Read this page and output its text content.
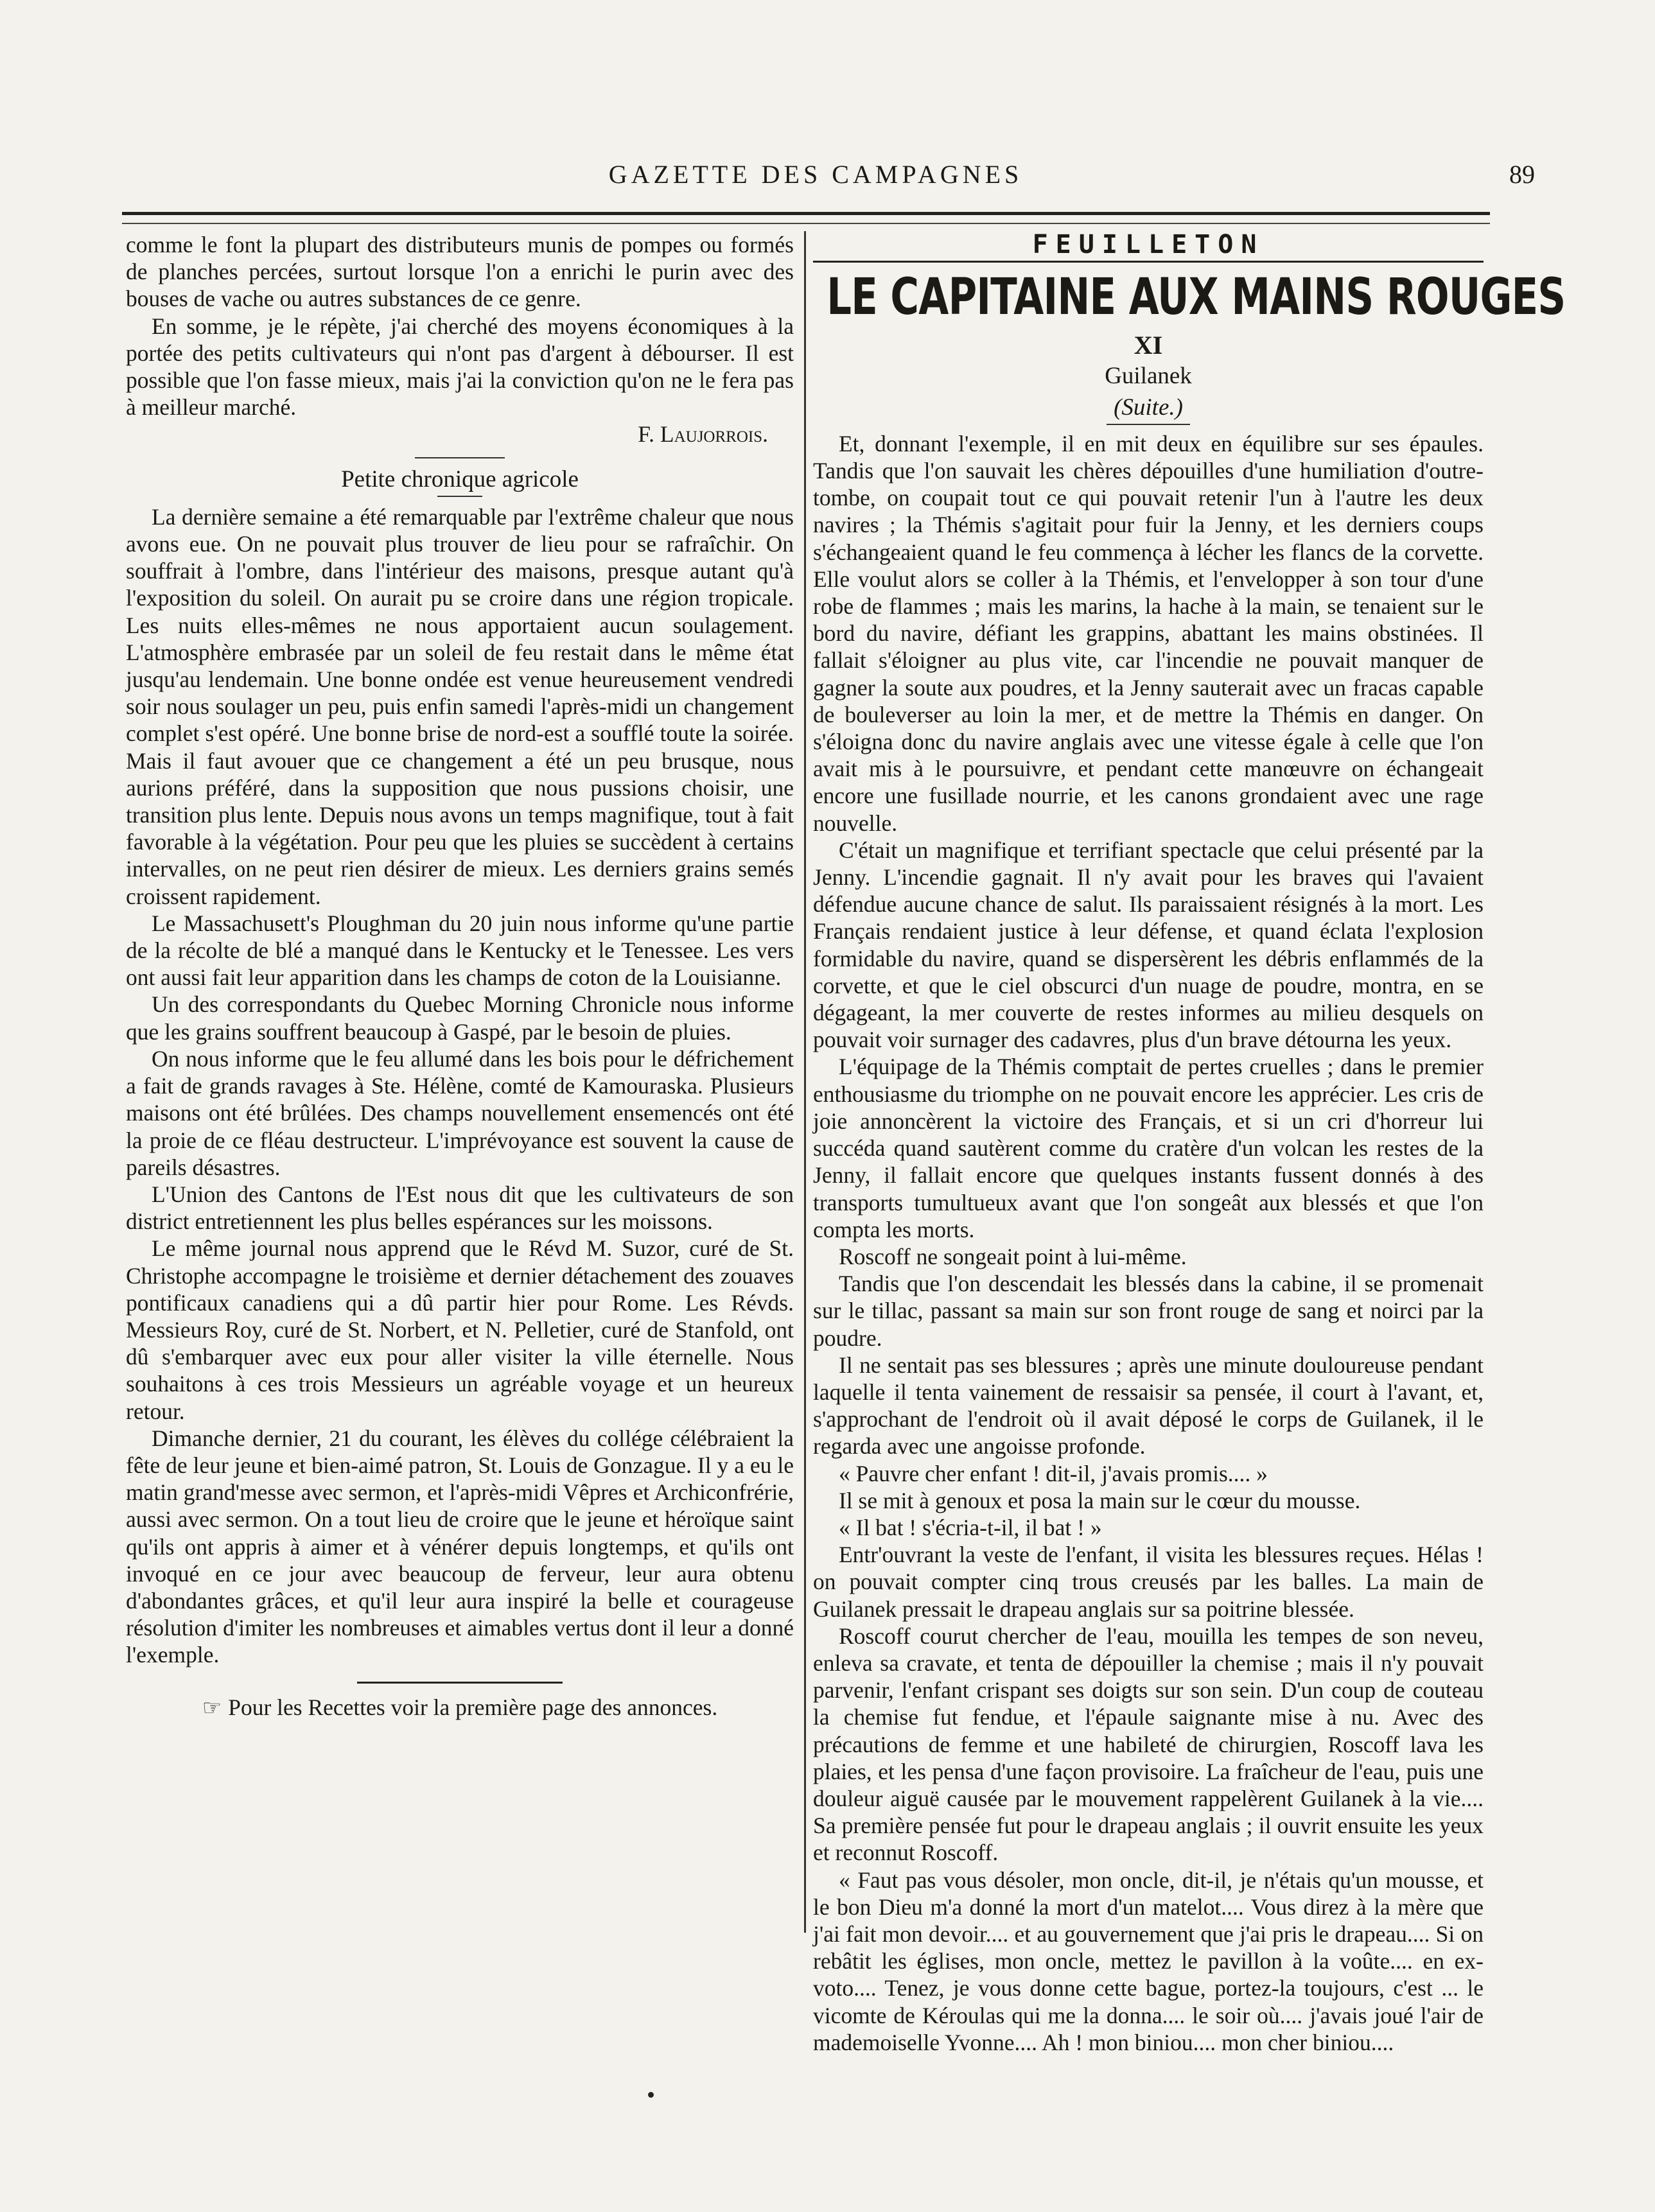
GAZETTE DES CAMPAGNES	89

comme le font la plupart des distributeurs munis de pompes ou formés de planches percées, surtout lorsque l'on a enrichi le purin avec des bouses de vache ou autres substances de ce genre.

En somme, je le répète, j'ai cherché des moyens économiques à la portée des petits cultivateurs qui n'ont pas d'argent à débourser. Il est possible que l'on fasse mieux, mais j'ai la conviction qu'on ne le fera pas à meilleur marché.

F. Laujorrois.

Petite chronique agricole

La dernière semaine a été remarquable par l'extrême chaleur que nous avons eue. On ne pouvait plus trouver de lieu pour se rafraîchir. On souffrait à l'ombre, dans l'intérieur des maisons, presque autant qu'à l'exposition du soleil. On aurait pu se croire dans une région tropicale. Les nuits elles-mêmes ne nous apportaient aucun soulagement. L'atmosphère embrasée par un soleil de feu restait dans le même état jusqu'au lendemain. Une bonne ondée est venue heureusement vendredi soir nous soulager un peu, puis enfin samedi l'après-midi un changement complet s'est opéré. Une bonne brise de nord-est a soufflé toute la soirée. Mais il faut avouer que ce changement a été un peu brusque, nous aurions préféré, dans la supposition que nous pussions choisir, une transition plus lente. Depuis nous avons un temps magnifique, tout à fait favorable à la végétation. Pour peu que les pluies se succèdent à certains intervalles, on ne peut rien désirer de mieux. Les derniers grains semés croissent rapidement.

Le Massachusett's Ploughman du 20 juin nous informe qu'une partie de la récolte de blé a manqué dans le Kentucky et le Tenessee. Les vers ont aussi fait leur apparition dans les champs de coton de la Louisianne.

Un des correspondants du Quebec Morning Chronicle nous informe que les grains souffrent beaucoup à Gaspé, par le besoin de pluies.

On nous informe que le feu allumé dans les bois pour le défrichement a fait de grands ravages à Ste. Hélène, comté de Kamouraska. Plusieurs maisons ont été brûlées. Des champs nouvellement ensemencés ont été la proie de ce fléau destructeur. L'imprévoyance est souvent la cause de pareils désastres.

L'Union des Cantons de l'Est nous dit que les cultivateurs de son district entretiennent les plus belles espérances sur les moissons.

Le même journal nous apprend que le Révd M. Suzor, curé de St. Christophe accompagne le troisième et dernier détachement des zouaves pontificaux canadiens qui a dû partir hier pour Rome. Les Révds. Messieurs Roy, curé de St. Norbert, et N. Pelletier, curé de Stanfold, ont dû s'embarquer avec eux pour aller visiter la ville éternelle. Nous souhaitons à ces trois Messieurs un agréable voyage et un heureux retour.

Dimanche dernier, 21 du courant, les élèves du collége célébraient la fête de leur jeune et bien-aimé patron, St. Louis de Gonzague. Il y a eu le matin grand'messe avec sermon, et l'après-midi Vêpres et Archiconfrérie, aussi avec sermon. On a tout lieu de croire que le jeune et héroïque saint qu'ils ont appris à aimer et à vénérer depuis longtemps, et qu'ils ont invoqué en ce jour avec beaucoup de ferveur, leur aura obtenu d'abondantes grâces, et qu'il leur aura inspiré la belle et courageuse résolution d'imiter les nombreuses et aimables vertus dont il leur a donné l'exemple.

☞ Pour les Recettes voir la première page des annonces.
FEUILLETON
LE CAPITAINE AUX MAINS ROUGES
XI
Guilanek
(Suite.)

Et, donnant l'exemple, il en mit deux en équilibre sur ses épaules. Tandis que l'on sauvait les chères dépouilles d'une humiliation d'outre-tombe, on coupait tout ce qui pouvait retenir l'un à l'autre les deux navires ; la Thémis s'agitait pour fuir la Jenny, et les derniers coups s'échangeaient quand le feu commença à lécher les flancs de la corvette. Elle voulut alors se coller à la Thémis, et l'envelopper à son tour d'une robe de flammes ; mais les marins, la hache à la main, se tenaient sur le bord du navire, défiant les grappins, abattant les mains obstinées. Il fallait s'éloigner au plus vite, car l'incendie ne pouvait manquer de gagner la soute aux poudres, et la Jenny sauterait avec un fracas capable de bouleverser au loin la mer, et de mettre la Thémis en danger. On s'éloigna donc du navire anglais avec une vitesse égale à celle que l'on avait mis à le poursuivre, et pendant cette manœuvre on échangeait encore une fusillade nourrie, et les canons grondaient avec une rage nouvelle.

C'était un magnifique et terrifiant spectacle que celui présenté par la Jenny. L'incendie gagnait. Il n'y avait pour les braves qui l'avaient défendue aucune chance de salut. Ils paraissaient résignés à la mort. Les Français rendaient justice à leur défense, et quand éclata l'explosion formidable du navire, quand se dispersèrent les débris enflammés de la corvette, et que le ciel obscurci d'un nuage de poudre, montra, en se dégageant, la mer couverte de restes informes au milieu desquels on pouvait voir surnager des cadavres, plus d'un brave détourna les yeux.

L'équipage de la Thémis comptait de pertes cruelles ; dans le premier enthousiasme du triomphe on ne pouvait encore les apprécier. Les cris de joie annoncèrent la victoire des Français, et si un cri d'horreur lui succéda quand sautèrent comme du cratère d'un volcan les restes de la Jenny, il fallait encore que quelques instants fussent donnés à des transports tumultueux avant que l'on songeât aux blessés et que l'on compta les morts.

Roscoff ne songeait point à lui-même.

Tandis que l'on descendait les blessés dans la cabine, il se promenait sur le tillac, passant sa main sur son front rouge de sang et noirci par la poudre.

Il ne sentait pas ses blessures ; après une minute douloureuse pendant laquelle il tenta vainement de ressaisir sa pensée, il court à l'avant, et, s'approchant de l'endroit où il avait déposé le corps de Guilanek, il le regarda avec une angoisse profonde.

« Pauvre cher enfant ! dit-il, j'avais promis.... »

Il se mit à genoux et posa la main sur le cœur du mousse.

« Il bat ! s'écria-t-il, il bat ! »

Entr'ouvrant la veste de l'enfant, il visita les blessures reçues. Hélas ! on pouvait compter cinq trous creusés par les balles. La main de Guilanek pressait le drapeau anglais sur sa poitrine blessée.

Roscoff courut chercher de l'eau, mouilla les tempes de son neveu, enleva sa cravate, et tenta de dépouiller la chemise ; mais il n'y pouvait parvenir, l'enfant crispant ses doigts sur son sein. D'un coup de couteau la chemise fut fendue, et l'épaule saignante mise à nu. Avec des précautions de femme et une habileté de chirurgien, Roscoff lava les plaies, et les pensa d'une façon provisoire. La fraîcheur de l'eau, puis une douleur aiguë causée par le mouvement rappelèrent Guilanek à la vie.... Sa première pensée fut pour le drapeau anglais ; il ouvrit ensuite les yeux et reconnut Roscoff.

« Faut pas vous désoler, mon oncle, dit-il, je n'étais qu'un mousse, et le bon Dieu m'a donné la mort d'un matelot.... Vous direz à la mère que j'ai fait mon devoir.... et au gouvernement que j'ai pris le drapeau.... Si on rebâtit les églises, mon oncle, mettez le pavillon à la voûte.... en ex-voto.... Tenez, je vous donne cette bague, portez-la toujours, c'est ... le vicomte de Kéroulas qui me la donna.... le soir où.... j'avais joué l'air de mademoiselle Yvonne.... Ah ! mon biniou.... mon cher biniou....
